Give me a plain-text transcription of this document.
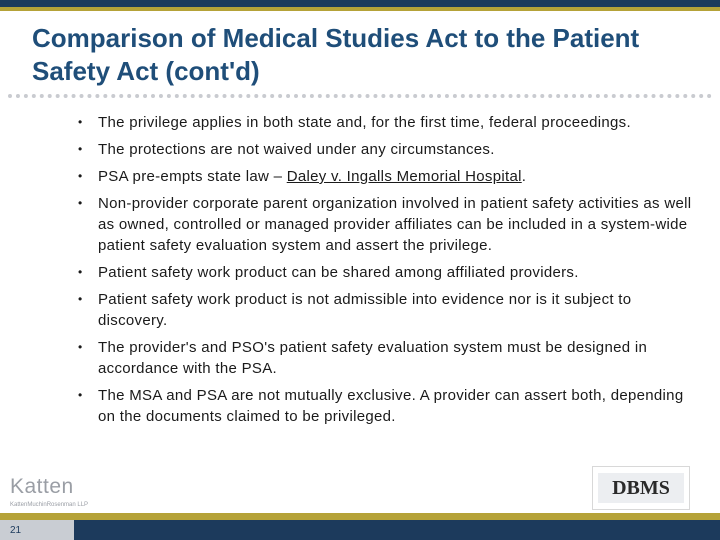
Comparison of Medical Studies Act to the Patient Safety Act (cont'd)
• The privilege applies in both state and, for the first time, federal proceedings.
• The protections are not waived under any circumstances.
• PSA pre-empts state law – Daley v. Ingalls Memorial Hospital.
• Non-provider corporate parent organization involved in patient safety activities as well as owned, controlled or managed provider affiliates can be included in a system-wide patient safety evaluation system and assert the privilege.
• Patient safety work product can be shared among affiliated providers.
• Patient safety work product is not admissible into evidence nor is it subject to discovery.
• The provider's and PSO's patient safety evaluation system must be designed in accordance with the PSA.
• The MSA and PSA are not mutually exclusive. A provider can assert both, depending on the documents claimed to be privileged.
Katten
KattenMuchinRosenman LLP
DBMS
21
